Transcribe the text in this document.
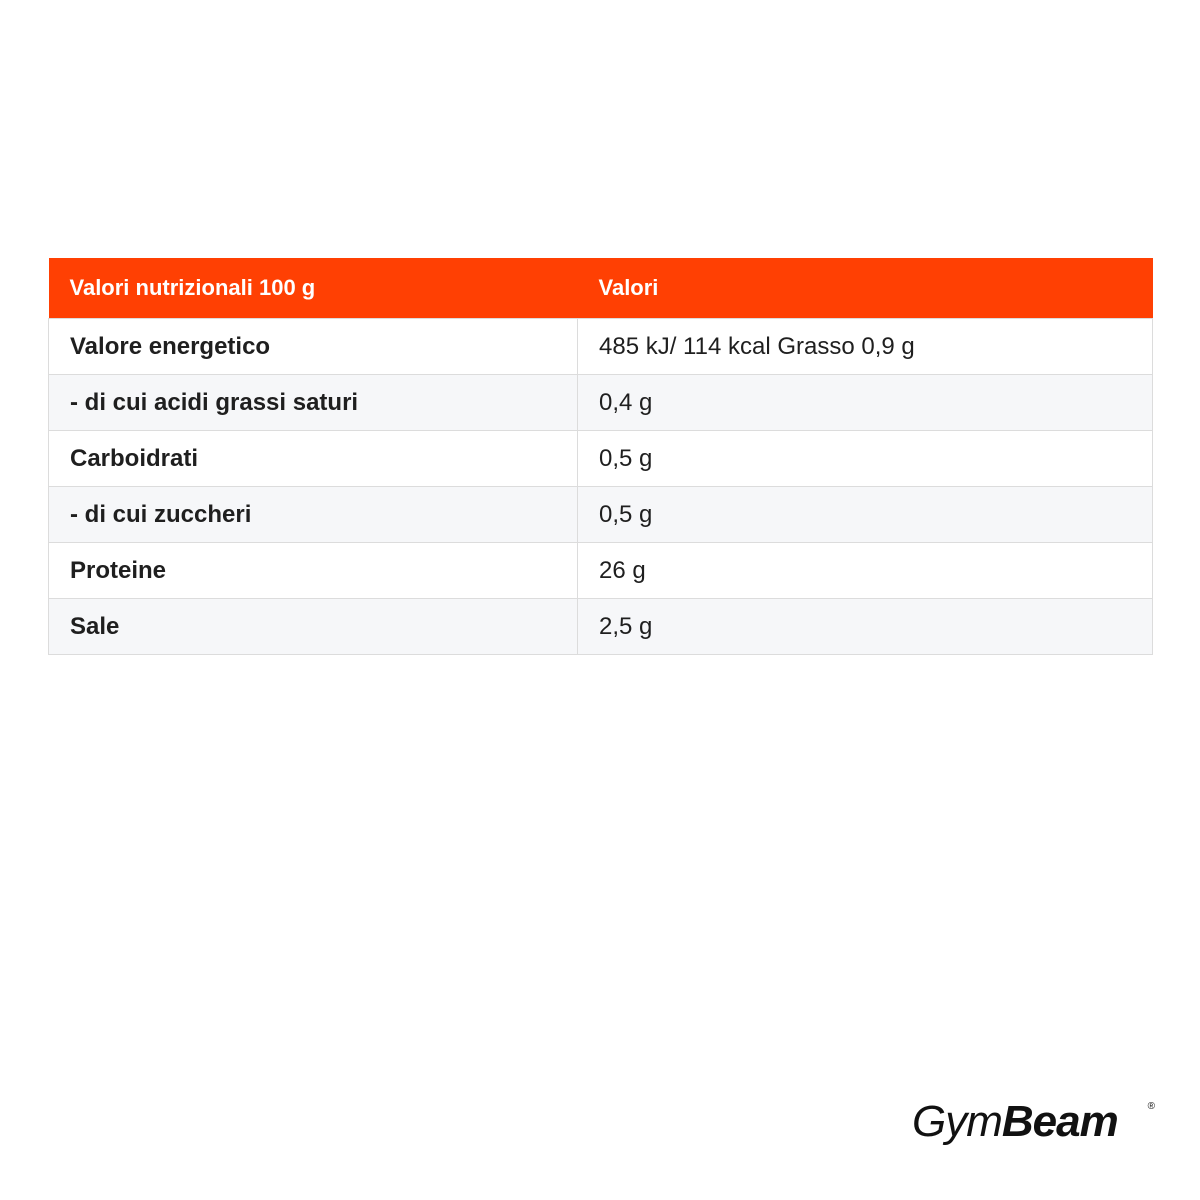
Valori nutrizionali 100 g	Valori
Valore energetico	485 kJ/ 114 kcal Grasso 0,9 g
- di cui acidi grassi saturi	0,4 g
Carboidrati	0,5 g
- di cui zuccheri	0,5 g
Proteine	26 g
Sale	2,5 g
GymBeam	®
